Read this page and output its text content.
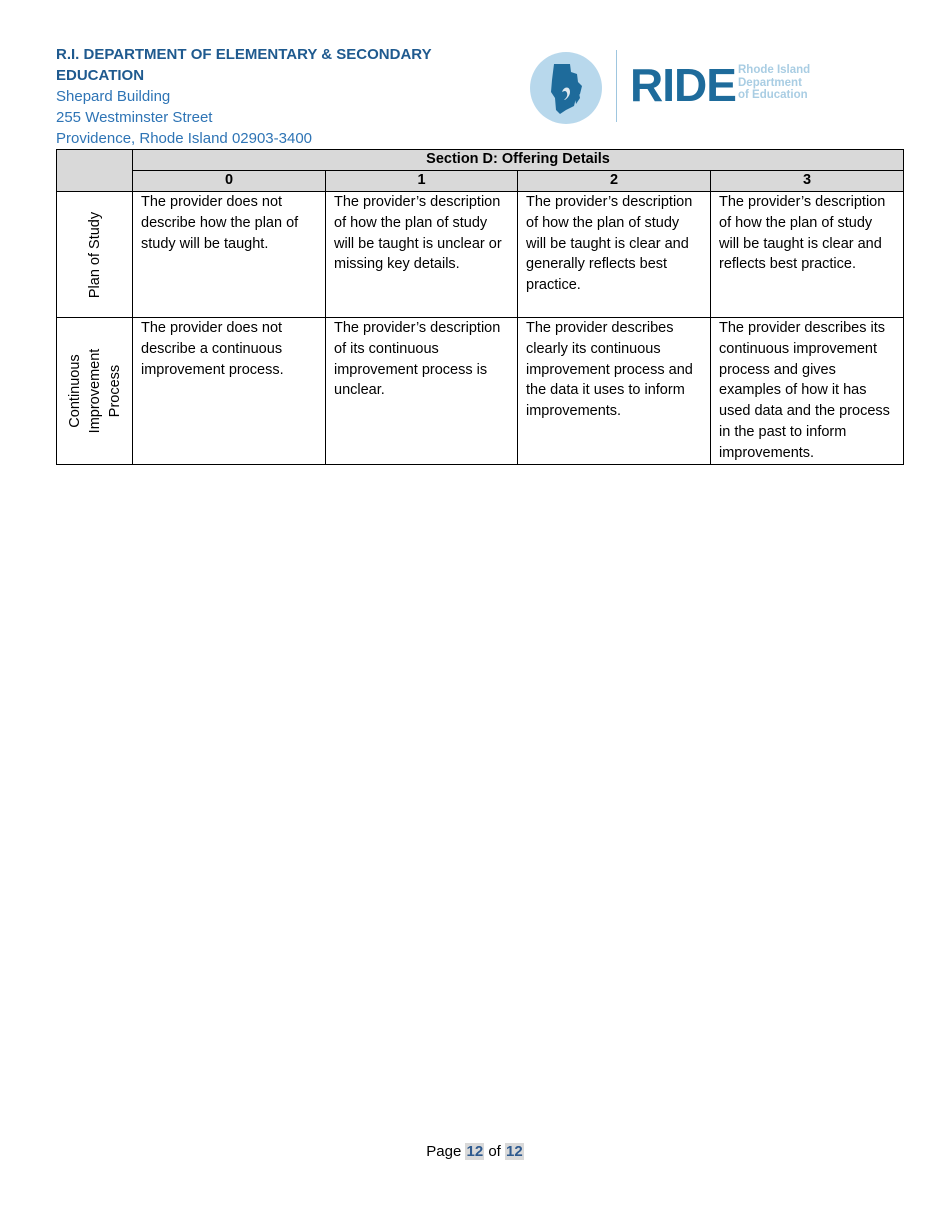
R.I. DEPARTMENT OF ELEMENTARY & SECONDARY EDUCATION
Shepard Building
255 Westminster Street
Providence, Rhode Island 02903-3400
RIDE Rhode Island
Department
of Education
	Section D: Offering Details			
	0	1	2	3

Plan of Study	The provider does not describe how the plan of study will be taught.	The provider’s description of how the plan of study will be taught is unclear or missing key details.	The provider’s description of how the plan of study will be taught is clear and generally reflects best practice.	The provider’s description of how the plan of study will be taught is clear and reflects best practice.

Continuous Improvement Process	The provider does not describe a continuous improvement process.	The provider’s description of its continuous improvement process is unclear.	The provider describes clearly its continuous improvement process and the data it uses to inform improvements.	The provider describes its continuous improvement process and gives examples of how it has used data and the process in the past to inform improvements.
Page 12 of 12
